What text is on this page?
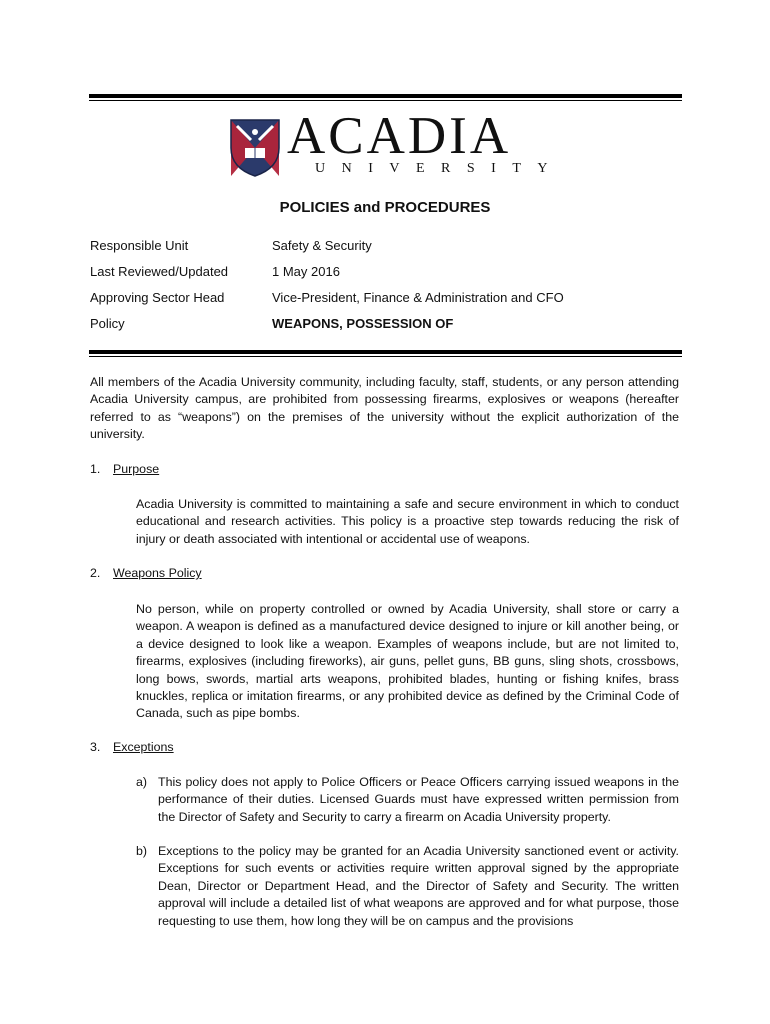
ACADIA
UNIVERSITY
POLICIES and PROCEDURES
Responsible Unit	Safety & Security
Last Reviewed/Updated	1 May 2016
Approving Sector Head	Vice-President, Finance & Administration and CFO
Policy	WEAPONS, POSSESSION OF
All members of the Acadia University community, including faculty, staff, students, or any person attending Acadia University campus, are prohibited from possessing firearms, explosives or weapons (hereafter referred to as “weapons”) on the premises of the university without the explicit authorization of the university.
1. Purpose
Acadia University is committed to maintaining a safe and secure environment in which to conduct educational and research activities. This policy is a proactive step towards reducing the risk of injury or death associated with intentional or accidental use of weapons.
2. Weapons Policy
No person, while on property controlled or owned by Acadia University, shall store or carry a weapon. A weapon is defined as a manufactured device designed to injure or kill another being, or a device designed to look like a weapon. Examples of weapons include, but are not limited to, firearms, explosives (including fireworks), air guns, pellet guns, BB guns, sling shots, crossbows, long bows, swords, martial arts weapons, prohibited blades, hunting or fishing knifes, brass knuckles, replica or imitation firearms, or any prohibited device as defined by the Criminal Code of Canada, such as pipe bombs.
3. Exceptions
a) This policy does not apply to Police Officers or Peace Officers carrying issued weapons in the performance of their duties. Licensed Guards must have expressed written permission from the Director of Safety and Security to carry a firearm on Acadia University property.
b) Exceptions to the policy may be granted for an Acadia University sanctioned event or activity. Exceptions for such events or activities require written approval signed by the appropriate Dean, Director or Department Head, and the Director of Safety and Security. The written approval will include a detailed list of what weapons are approved and for what purpose, those requesting to use them, how long they will be on campus and the provisions
